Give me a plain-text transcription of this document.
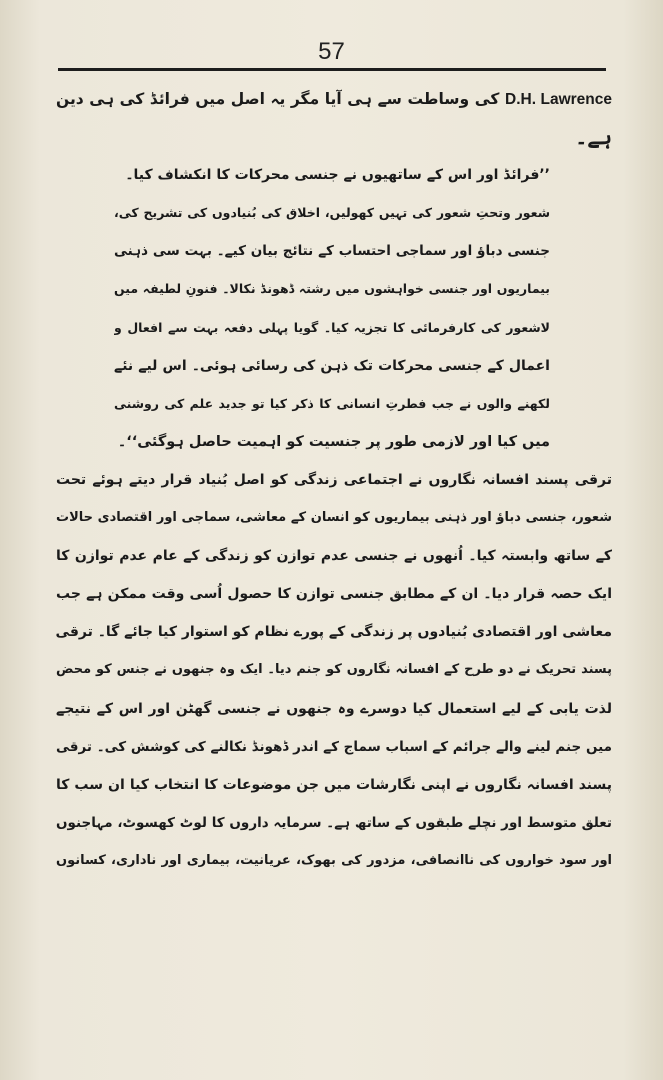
57
D.H. Lawrence کی وساطت سے ہی آیا مگر یہ اصل میں فرائڈ کی ہی دین
ہے۔
’’فرائڈ اور اس کے ساتھیوں نے جنسی محرکات کا انکشاف کیا۔
شعور وتحتِ شعور کی تہیں کھولیں، اخلاق کی بُنیادوں کی تشریح کی،
جنسی دباؤ اور سماجی احتساب کے نتائج بیان کیے۔ بہت سی ذہنی
بیماریوں اور جنسی خواہشوں میں رشتہ ڈھونڈ نکالا۔ فنونِ لطیفہ میں
لاشعور کی کارفرمائی کا تجزیہ کیا۔ گویا پہلی دفعہ بہت سے افعال و
اعمال کے جنسی محرکات تک ذہن کی رسائی ہوئی۔ اس لیے نئے
لکھنے والوں نے جب فطرتِ انسانی کا ذکر کیا تو جدید علم کی روشنی
میں کیا اور لازمی طور پر جنسیت کو اہمیت حاصل ہوگئی‘‘۔
ترقی پسند افسانہ نگاروں نے اجتماعی زندگی کو اصل بُنیاد قرار دیتے ہوئے تحت
شعور، جنسی دباؤ اور ذہنی بیماریوں کو انسان کے معاشی، سماجی اور اقتصادی حالات
کے ساتھ وابستہ کیا۔ اُنھوں نے جنسی عدم توازن کو زندگی کے عام عدم توازن کا
ایک حصہ قرار دیا۔ ان کے مطابق جنسی توازن کا حصول اُسی وقت ممکن ہے جب
معاشی اور اقتصادی بُنیادوں پر زندگی کے پورے نظام کو استوار کیا جائے گا۔ ترقی
پسند تحریک نے دو طرح کے افسانہ نگاروں کو جنم دیا۔ ایک وہ جنھوں نے جنس کو محض
لذت یابی کے لیے استعمال کیا دوسرے وہ جنھوں نے جنسی گھٹن اور اس کے نتیجے
میں جنم لینے والے جرائم کے اسباب سماج کے اندر ڈھونڈ نکالنے کی کوشش کی۔ ترقی
پسند افسانہ نگاروں نے اپنی نگارشات میں جن موضوعات کا انتخاب کیا ان سب کا
تعلق متوسط اور نچلے طبقوں کے ساتھ ہے۔ سرمایہ داروں کا لوٹ کھسوٹ، مہاجنوں
اور سود خواروں کی ناانصافی، مزدور کی بھوک، عریانیت، بیماری اور ناداری، کسانوں
